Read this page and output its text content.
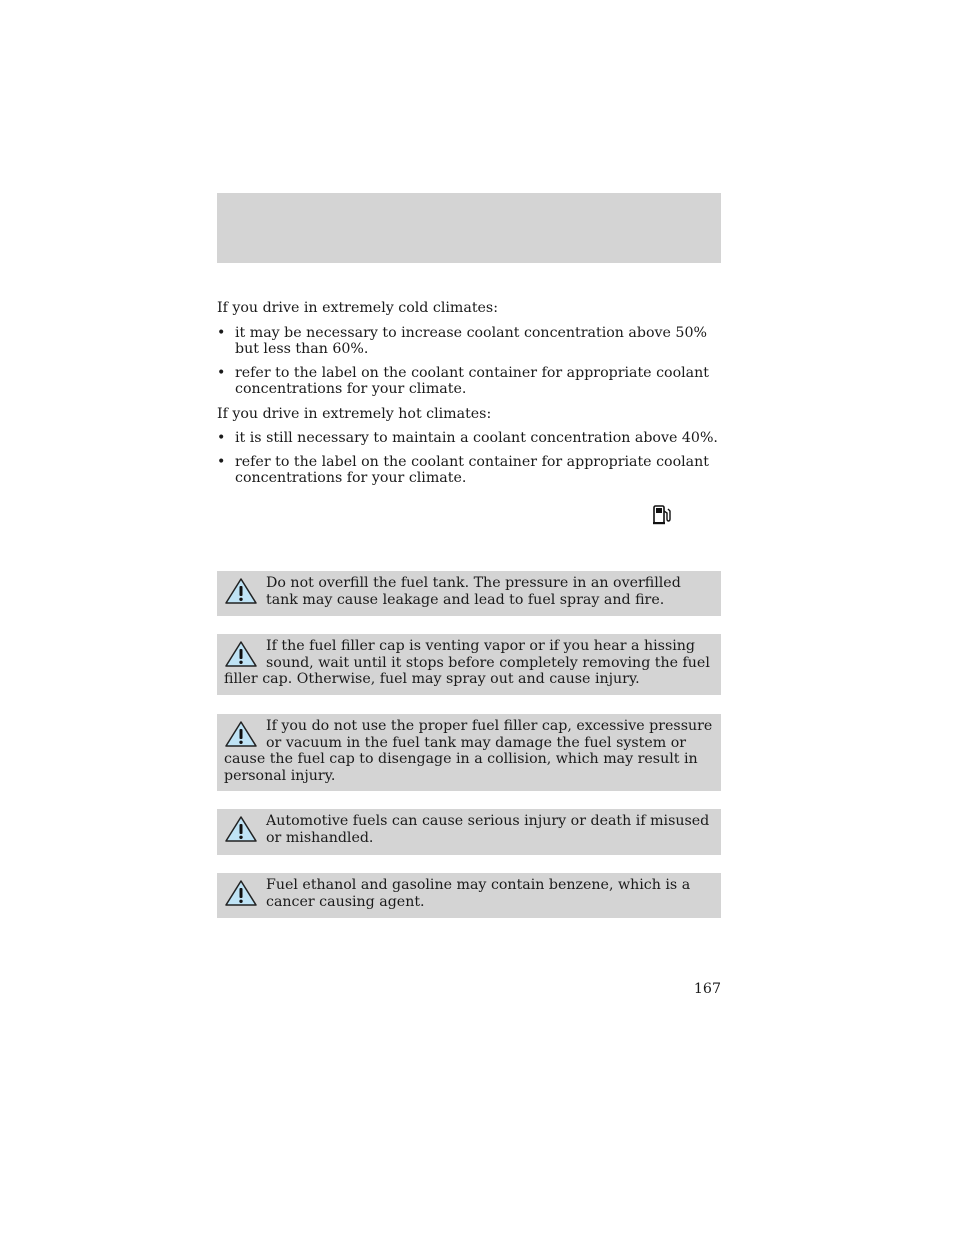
If you drive in extremely cold climates:

• it may be necessary to increase coolant concentration above 50% but less than 60%.
• refer to the label on the coolant container for appropriate coolant concentrations for your climate.

If you drive in extremely hot climates:

• it is still necessary to maintain a coolant concentration above 40%.
• refer to the label on the coolant container for appropriate coolant concentrations for your climate.
Do not overfill the fuel tank. The pressure in an overfilled tank may cause leakage and lead to fuel spray and fire.
If the fuel filler cap is venting vapor or if you hear a hissing sound, wait until it stops before completely removing the fuel filler cap. Otherwise, fuel may spray out and cause injury.
If you do not use the proper fuel filler cap, excessive pressure or vacuum in the fuel tank may damage the fuel system or cause the fuel cap to disengage in a collision, which may result in personal injury.
Automotive fuels can cause serious injury or death if misused or mishandled.
Fuel ethanol and gasoline may contain benzene, which is a cancer causing agent.
167
